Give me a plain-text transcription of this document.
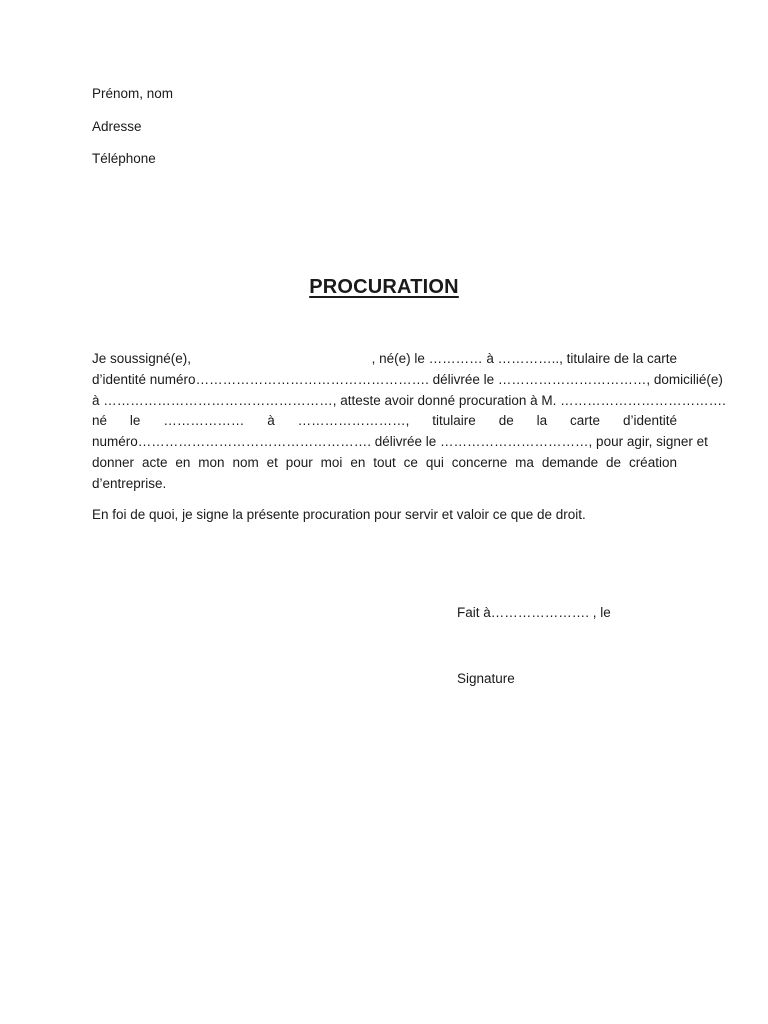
Prénom, nom
Adresse
Téléphone
PROCURATION
Je soussigné(e),	, né(e) le ………… à ………….., titulaire de la carte
d’identité numéro……………………………………………. délivrée le ……………………………, domicilié(e)
à ……………………………………………, atteste avoir donné procuration à M. ……………………………….
né le ……………… à ……………………, titulaire de la carte d’identité
numéro……………………………………………. délivrée le ……………………………, pour agir, signer et
donner acte en mon nom et pour moi en tout ce qui concerne ma demande de création
d’entreprise.
En foi de quoi, je signe la présente procuration pour servir et valoir ce que de droit.
Fait à…………………. , le
Signature
